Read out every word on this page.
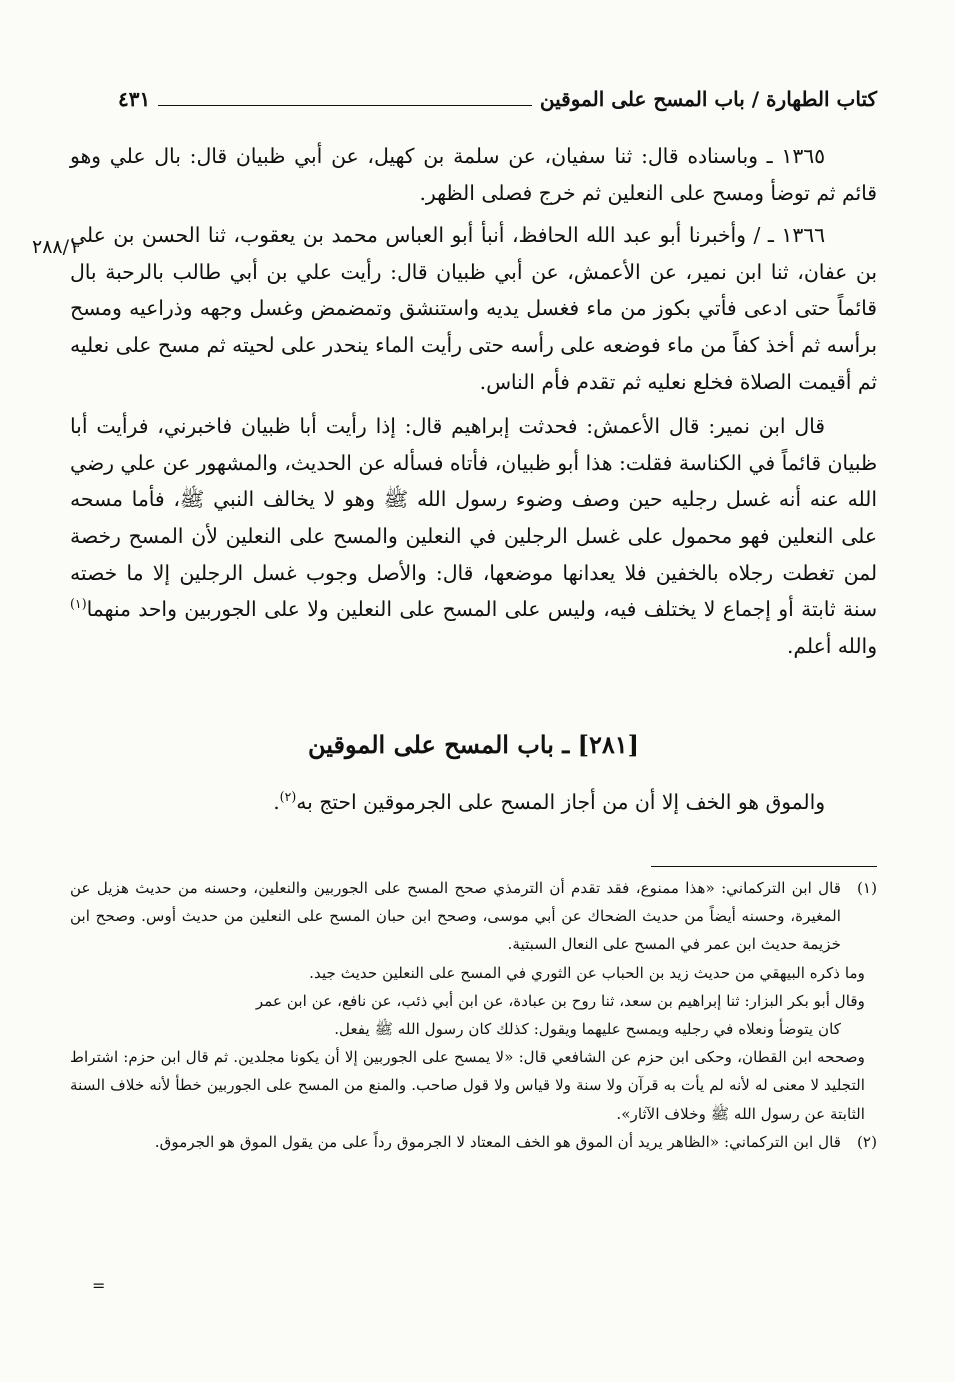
كتاب الطهارة / باب المسح على الموقين
٤٣١

١٣٦٥ ـ وباسناده قال: ثنا سفيان، عن سلمة بن كهيل، عن أبي ظبيان قال: بال علي وهو قائم ثم توضأ ومسح على النعلين ثم خرج فصلى الظهر.

١٣٦٦ ـ / وأخبرنا أبو عبد الله الحافظ، أنبأ أبو العباس محمد بن يعقوب، ثنا الحسن بن علي بن عفان، ثنا ابن نمير، عن الأعمش، عن أبي ظبيان قال: رأيت علي بن أبي طالب بالرحبة بال قائماً حتى ادعى فأتي بكوز من ماء فغسل يديه واستنشق وتمضمض وغسل وجهه وذراعيه ومسح برأسه ثم أخذ كفاً من ماء فوضعه على رأسه حتى رأيت الماء ينحدر على لحيته ثم مسح على نعليه ثم أقيمت الصلاة فخلع نعليه ثم تقدم فأم الناس.

قال ابن نمير: قال الأعمش: فحدثت إبراهيم قال: إذا رأيت أبا ظبيان فاخبرني، فرأيت أبا ظبيان قائماً في الكناسة فقلت: هذا أبو ظبيان، فأتاه فسأله عن الحديث، والمشهور عن علي رضي الله عنه أنه غسل رجليه حين وصف وضوء رسول الله ﷺ وهو لا يخالف النبي ﷺ، فأما مسحه على النعلين فهو محمول على غسل الرجلين في النعلين والمسح على النعلين لأن المسح رخصة لمن تغطت رجلاه بالخفين فلا يعدانها موضعها، قال: والأصل وجوب غسل الرجلين إلا ما خصته سنة ثابتة أو إجماع لا يختلف فيه، وليس على المسح على النعلين ولا على الجوربين واحد منهما$^{(١)}$ والله أعلم.

[٢٨١] ـ باب المسح على الموقين
والموق هو الخف إلا أن من أجاز المسح على الجرموقين احتج به$^{(٢)}$.

(١)قال ابن التركماني: «هذا ممنوع، فقد تقدم أن الترمذي صحح المسح على الجوربين والنعلين، وحسنه من حديث هزيل عن المغيرة، وحسنه أيضاً من حديث الضحاك عن أبي موسى، وصحح ابن حبان المسح على النعلين من حديث أوس. وصحح ابن خزيمة حديث ابن عمر في المسح على النعال السبتية.

وما ذكره البيهقي من حديث زيد بن الحباب عن الثوري في المسح على النعلين حديث جيد.

وقال أبو بكر البزار: ثنا إبراهيم بن سعد، ثنا روح بن عبادة، عن ابن أبي ذئب، عن نافع، عن ابن عمر

كان يتوضأ ونعلاه في رجليه ويمسح عليهما ويقول: كذلك كان رسول الله ﷺ يفعل.

وصححه ابن القطان، وحكى ابن حزم عن الشافعي قال: «لا يمسح على الجوربين إلا أن يكونا مجلدين. ثم قال ابن حزم: اشتراط التجليد لا معنى له لأنه لم يأت به قرآن ولا سنة ولا قياس ولا قول صاحب. والمنع من المسح على الجوربين خطأ لأنه خلاف السنة الثابتة عن رسول الله ﷺ وخلاف الآثار».

(٢)قال ابن التركماني: «الظاهر يريد أن الموق هو الخف المعتاد لا الجرموق رداً على من يقول الموق هو الجرموق.

٢٨٨/١
=
